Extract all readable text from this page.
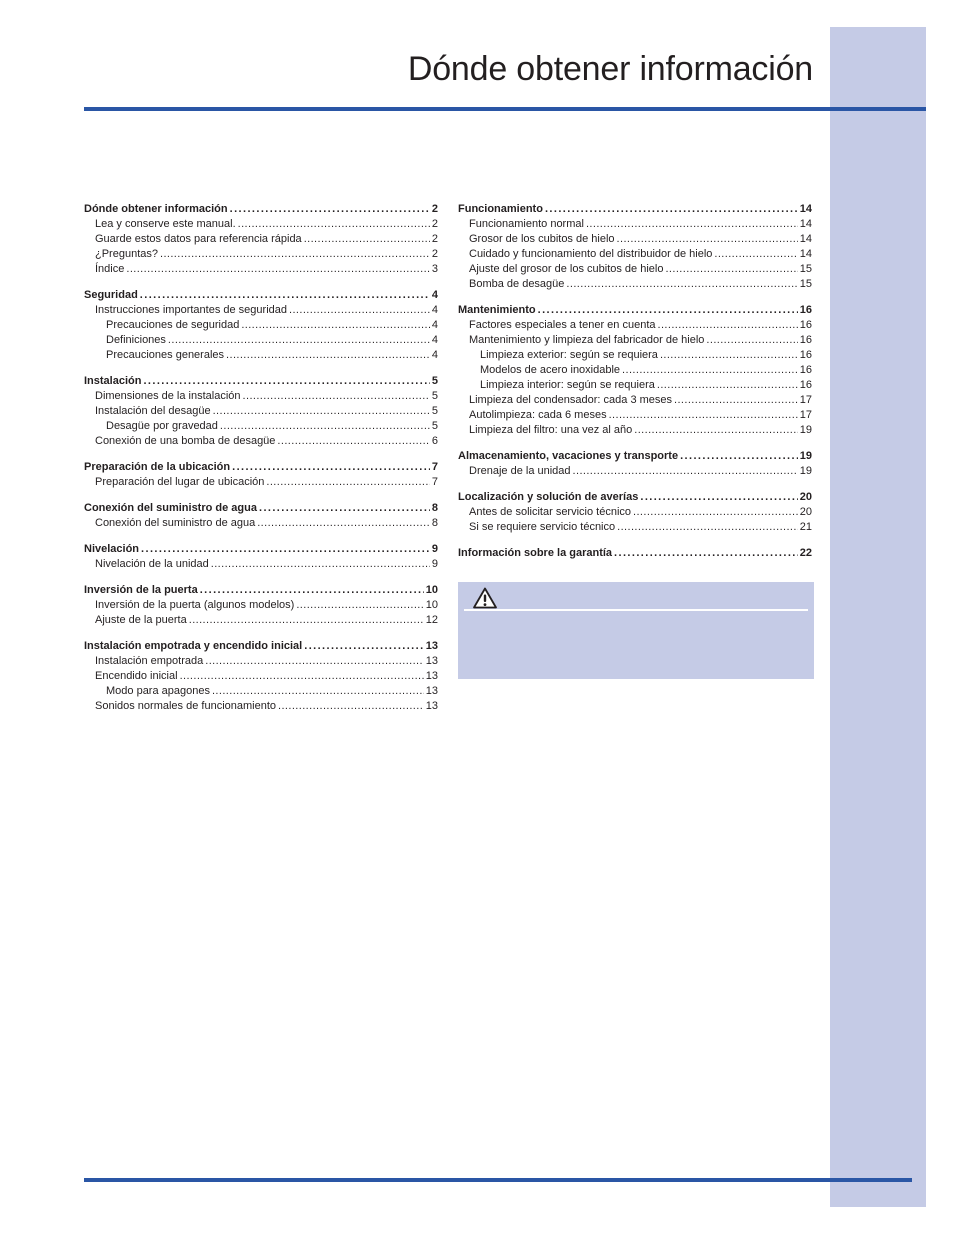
Dónde obtener información
Dónde obtener información .....	2
Lea y conserve este manual. .....	2
Guarde estos datos para referencia rápida .....	2
¿Preguntas? .....	2
Índice .....	3
Seguridad .....	4
Instrucciones importantes de seguridad .....	4
Precauciones de seguridad .....	4
Definiciones .....	4
Precauciones generales .....	4
Instalación .....	5
Dimensiones de la instalación .....	5
Instalación del desagüe .....	5
Desagüe por gravedad .....	5
Conexión de una bomba de desagüe .....	6
Preparación de la ubicación .....	7
Preparación del lugar de ubicación .....	7
Conexión del suministro de agua .....	8
Conexión del suministro de agua .....	8
Nivelación .....	9
Nivelación de la unidad .....	9
Inversión de la puerta .....	10
Inversión de la puerta (algunos modelos) .....	10
Ajuste de la puerta .....	12
Instalación empotrada y encendido inicial .....	13
Instalación empotrada .....	13
Encendido inicial .....	13
Modo para apagones .....	13
Sonidos normales de funcionamiento .....	13
Funcionamiento .....	14
Funcionamiento normal .....	14
Grosor de los cubitos de hielo .....	14
Cuidado y funcionamiento del distribuidor de hielo .....	14
Ajuste del grosor de los cubitos de hielo .....	15
Bomba de desagüe .....	15
Mantenimiento .....	16
Factores especiales a tener en cuenta .....	16
Mantenimiento y limpieza del fabricador de hielo .....	16
Limpieza exterior: según se requiera .....	16
Modelos de acero inoxidable .....	16
Limpieza interior: según se requiera .....	16
Limpieza del condensador: cada 3 meses .....	17
Autolimpieza: cada 6 meses .....	17
Limpieza del filtro: una vez al año .....	19
Almacenamiento, vacaciones y transporte .....	19
Drenaje de la unidad .....	19
Localización y solución de averías .....	20
Antes de solicitar servicio técnico .....	20
Si se requiere servicio técnico .....	21
Información sobre la garantía .....	22
